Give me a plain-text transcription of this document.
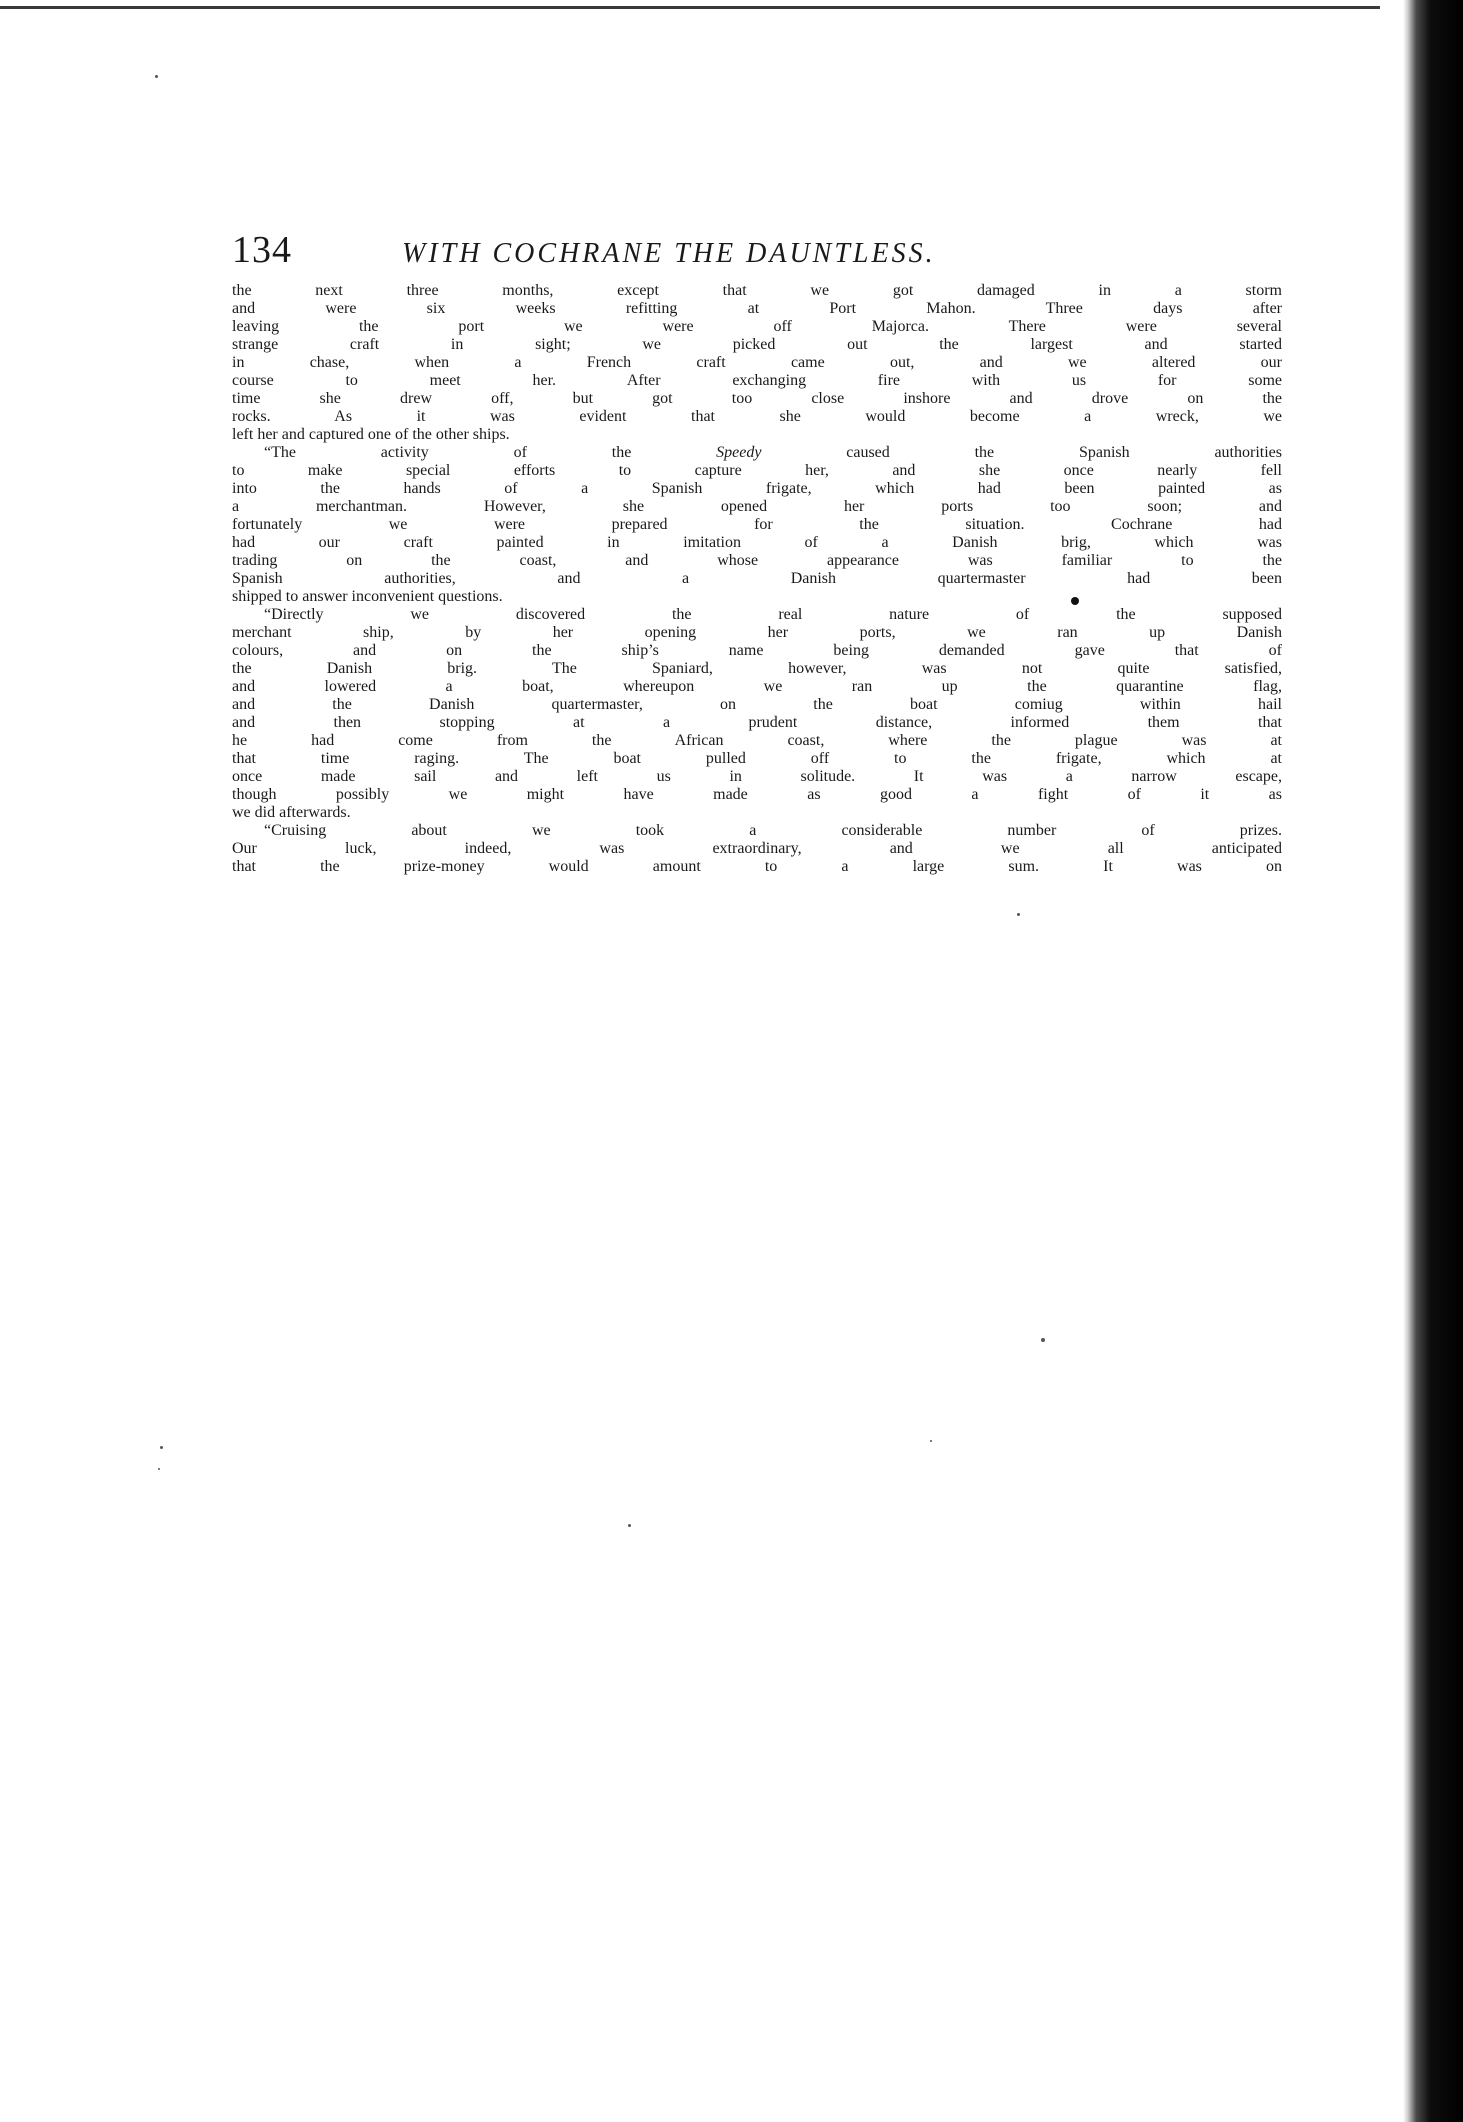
134	WITH COCHRANE THE DAUNTLESS.
the next three months, except that we got damaged in a storm
and were six weeks refitting at Port Mahon. Three days after
leaving the port we were off Majorca. There were several
strange craft in sight; we picked out the largest and started
in chase, when a French craft came out, and we altered our
course to meet her. After exchanging fire with us for some
time she drew off, but got too close inshore and drove on the
rocks. As it was evident that she would become a wreck, we
left her and captured one of the other ships.
“The activity of the Speedy caused the Spanish authorities
to make special efforts to capture her, and she once nearly fell
into the hands of a Spanish frigate, which had been painted as
a merchantman. However, she opened her ports too soon; and
fortunately we were prepared for the situation. Cochrane had
had our craft painted in imitation of a Danish brig, which was
trading on the coast, and whose appearance was familiar to the
Spanish authorities, and a Danish quartermaster had been
shipped to answer inconvenient questions.
“Directly we discovered the real nature of the supposed
merchant ship, by her opening her ports, we ran up Danish
colours, and on the ship’s name being demanded gave that of
the Danish brig. The Spaniard, however, was not quite satisfied,
and lowered a boat, whereupon we ran up the quarantine flag,
and the Danish quartermaster, on the boat comiug within hail
and then stopping at a prudent distance, informed them that
he had come from the African coast, where the plague was at
that time raging. The boat pulled off to the frigate, which at
once made sail and left us in solitude. It was a narrow escape,
though possibly we might have made as good a fight of it as
we did afterwards.
“Cruising about we took a considerable number of prizes.
Our luck, indeed, was extraordinary, and we all anticipated
that the prize-money would amount to a large sum. It was on
